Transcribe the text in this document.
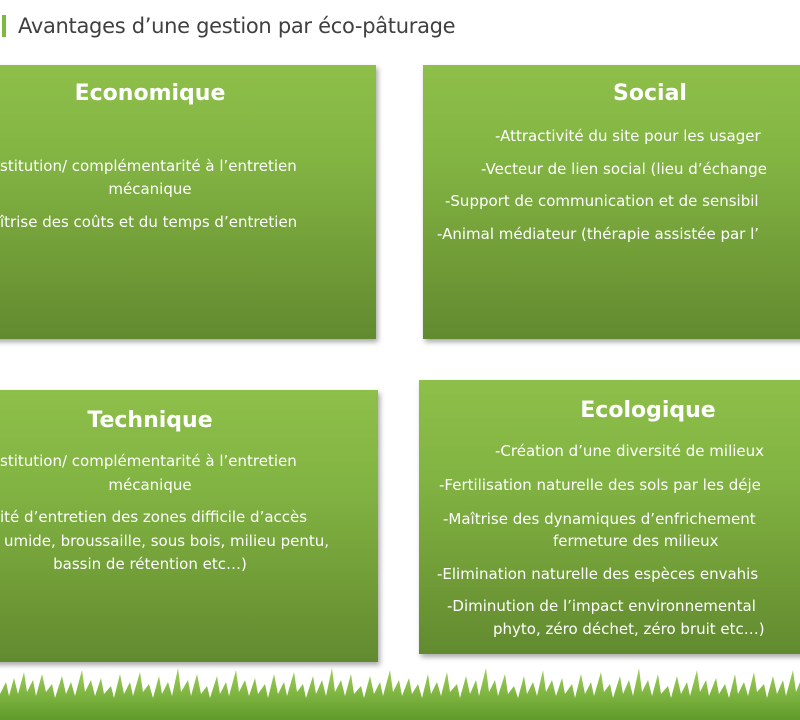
Avantages d’une gestion par éco-pâturage
Economique
stitution/ complémentarité à l’entretien
mécanique
îtrise des coûts et du temps d’entretien
Social
-Attractivité du site pour les usager
-Vecteur de lien social (lieu d’échange
-Support de communication et de sensibil
-Animal médiateur (thérapie assistée par l’
Technique
stitution/ complémentarité à l’entretien
mécanique
ité d’entretien des zones difficile d’accès
umide, broussaille, sous bois, milieu pentu,
bassin de rétention etc…)
Ecologique
-Création d’une diversité de milieux
-Fertilisation naturelle des sols par les déje
-Maîtrise des dynamiques d’enfrichement
fermeture des milieux
-Elimination naturelle des espèces envahis
-Diminution de l’impact environnemental
phyto, zéro déchet, zéro bruit etc…)
